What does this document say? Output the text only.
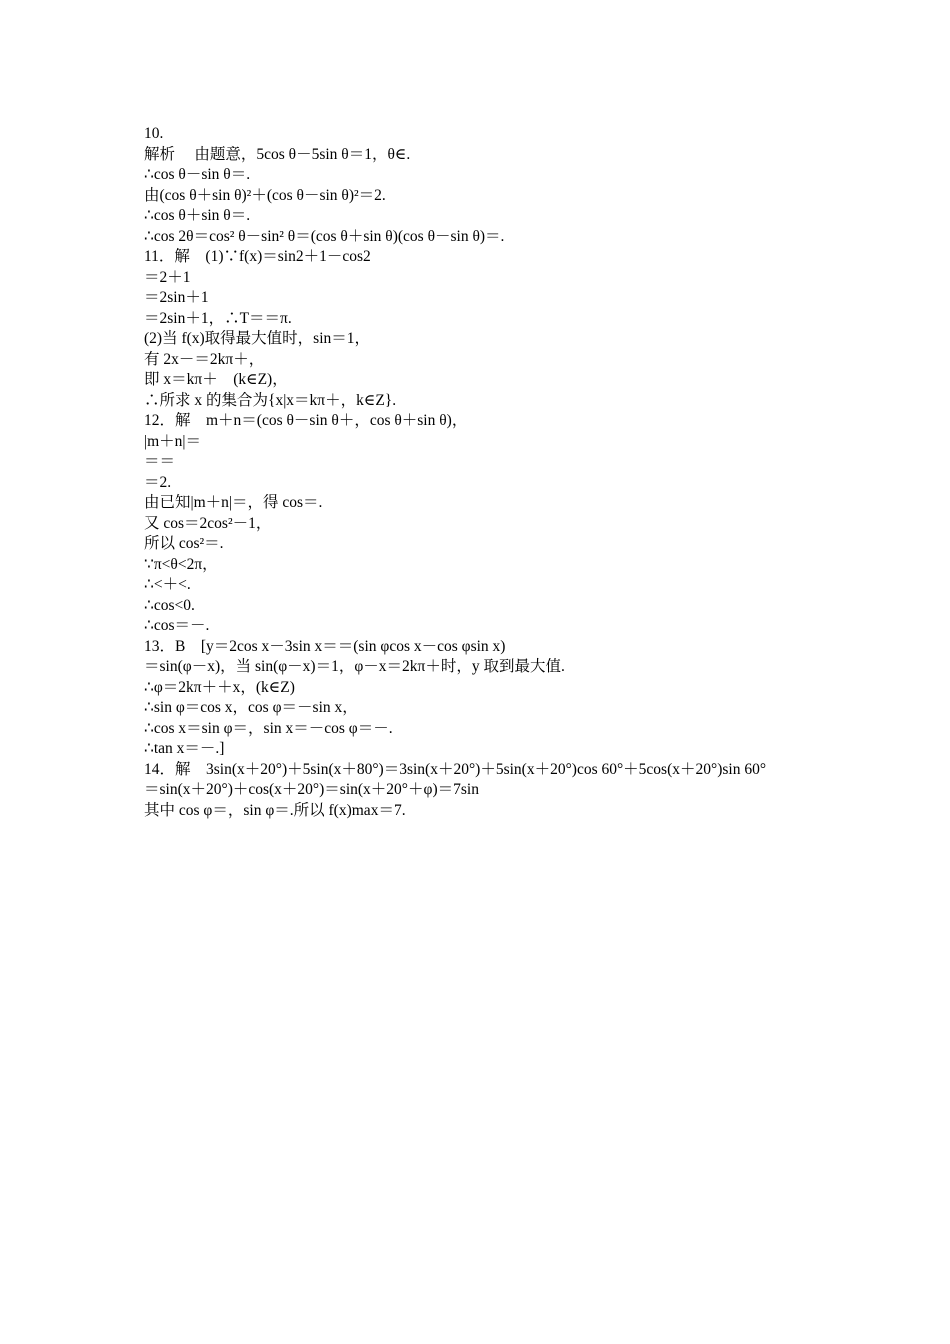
10.
解析　 由题意，5cos θ－5sin θ＝1，θ∈.
∴cos θ－sin θ＝.
由(cos θ＋sin θ)²＋(cos θ－sin θ)²＝2.
∴cos θ＋sin θ＝.
∴cos 2θ＝cos² θ－sin² θ＝(cos θ＋sin θ)(cos θ－sin θ)＝.
11．解　(1)∵f(x)＝sin2＋1－cos2
＝2＋1
＝2sin＋1
＝2sin＋1，∴T＝＝π.
(2)当 f(x)取得最大值时，sin＝1，
有 2x－＝2kπ＋，
即 x＝kπ＋　(k∈Z)，
∴所求 x 的集合为{x|x＝kπ＋，k∈Z}.
12．解　m＋n＝(cos θ－sin θ＋，cos θ＋sin θ)，
|m＋n|＝
＝＝
＝2.
由已知|m＋n|＝，得 cos＝.
又 cos＝2cos²－1，
所以 cos²＝.
∵π<θ<2π，
∴<＋<.
∴cos<0.
∴cos＝－.
13．B　[y＝2cos x－3sin x＝＝(sin φcos x－cos φsin x)
＝sin(φ－x)，当 sin(φ－x)＝1，φ－x＝2kπ＋时，y 取到最大值.
∴φ＝2kπ＋＋x，(k∈Z)
∴sin φ＝cos x，cos φ＝－sin x，
∴cos x＝sin φ＝，sin x＝－cos φ＝－.
∴tan x＝－.]
14．解　3sin(x＋20°)＋5sin(x＋80°)＝3sin(x＋20°)＋5sin(x＋20°)cos 60°＋5cos(x＋20°)sin 60°
＝sin(x＋20°)＋cos(x＋20°)＝sin(x＋20°＋φ)＝7sin
其中 cos φ＝，sin φ＝.所以 f(x)max＝7.
